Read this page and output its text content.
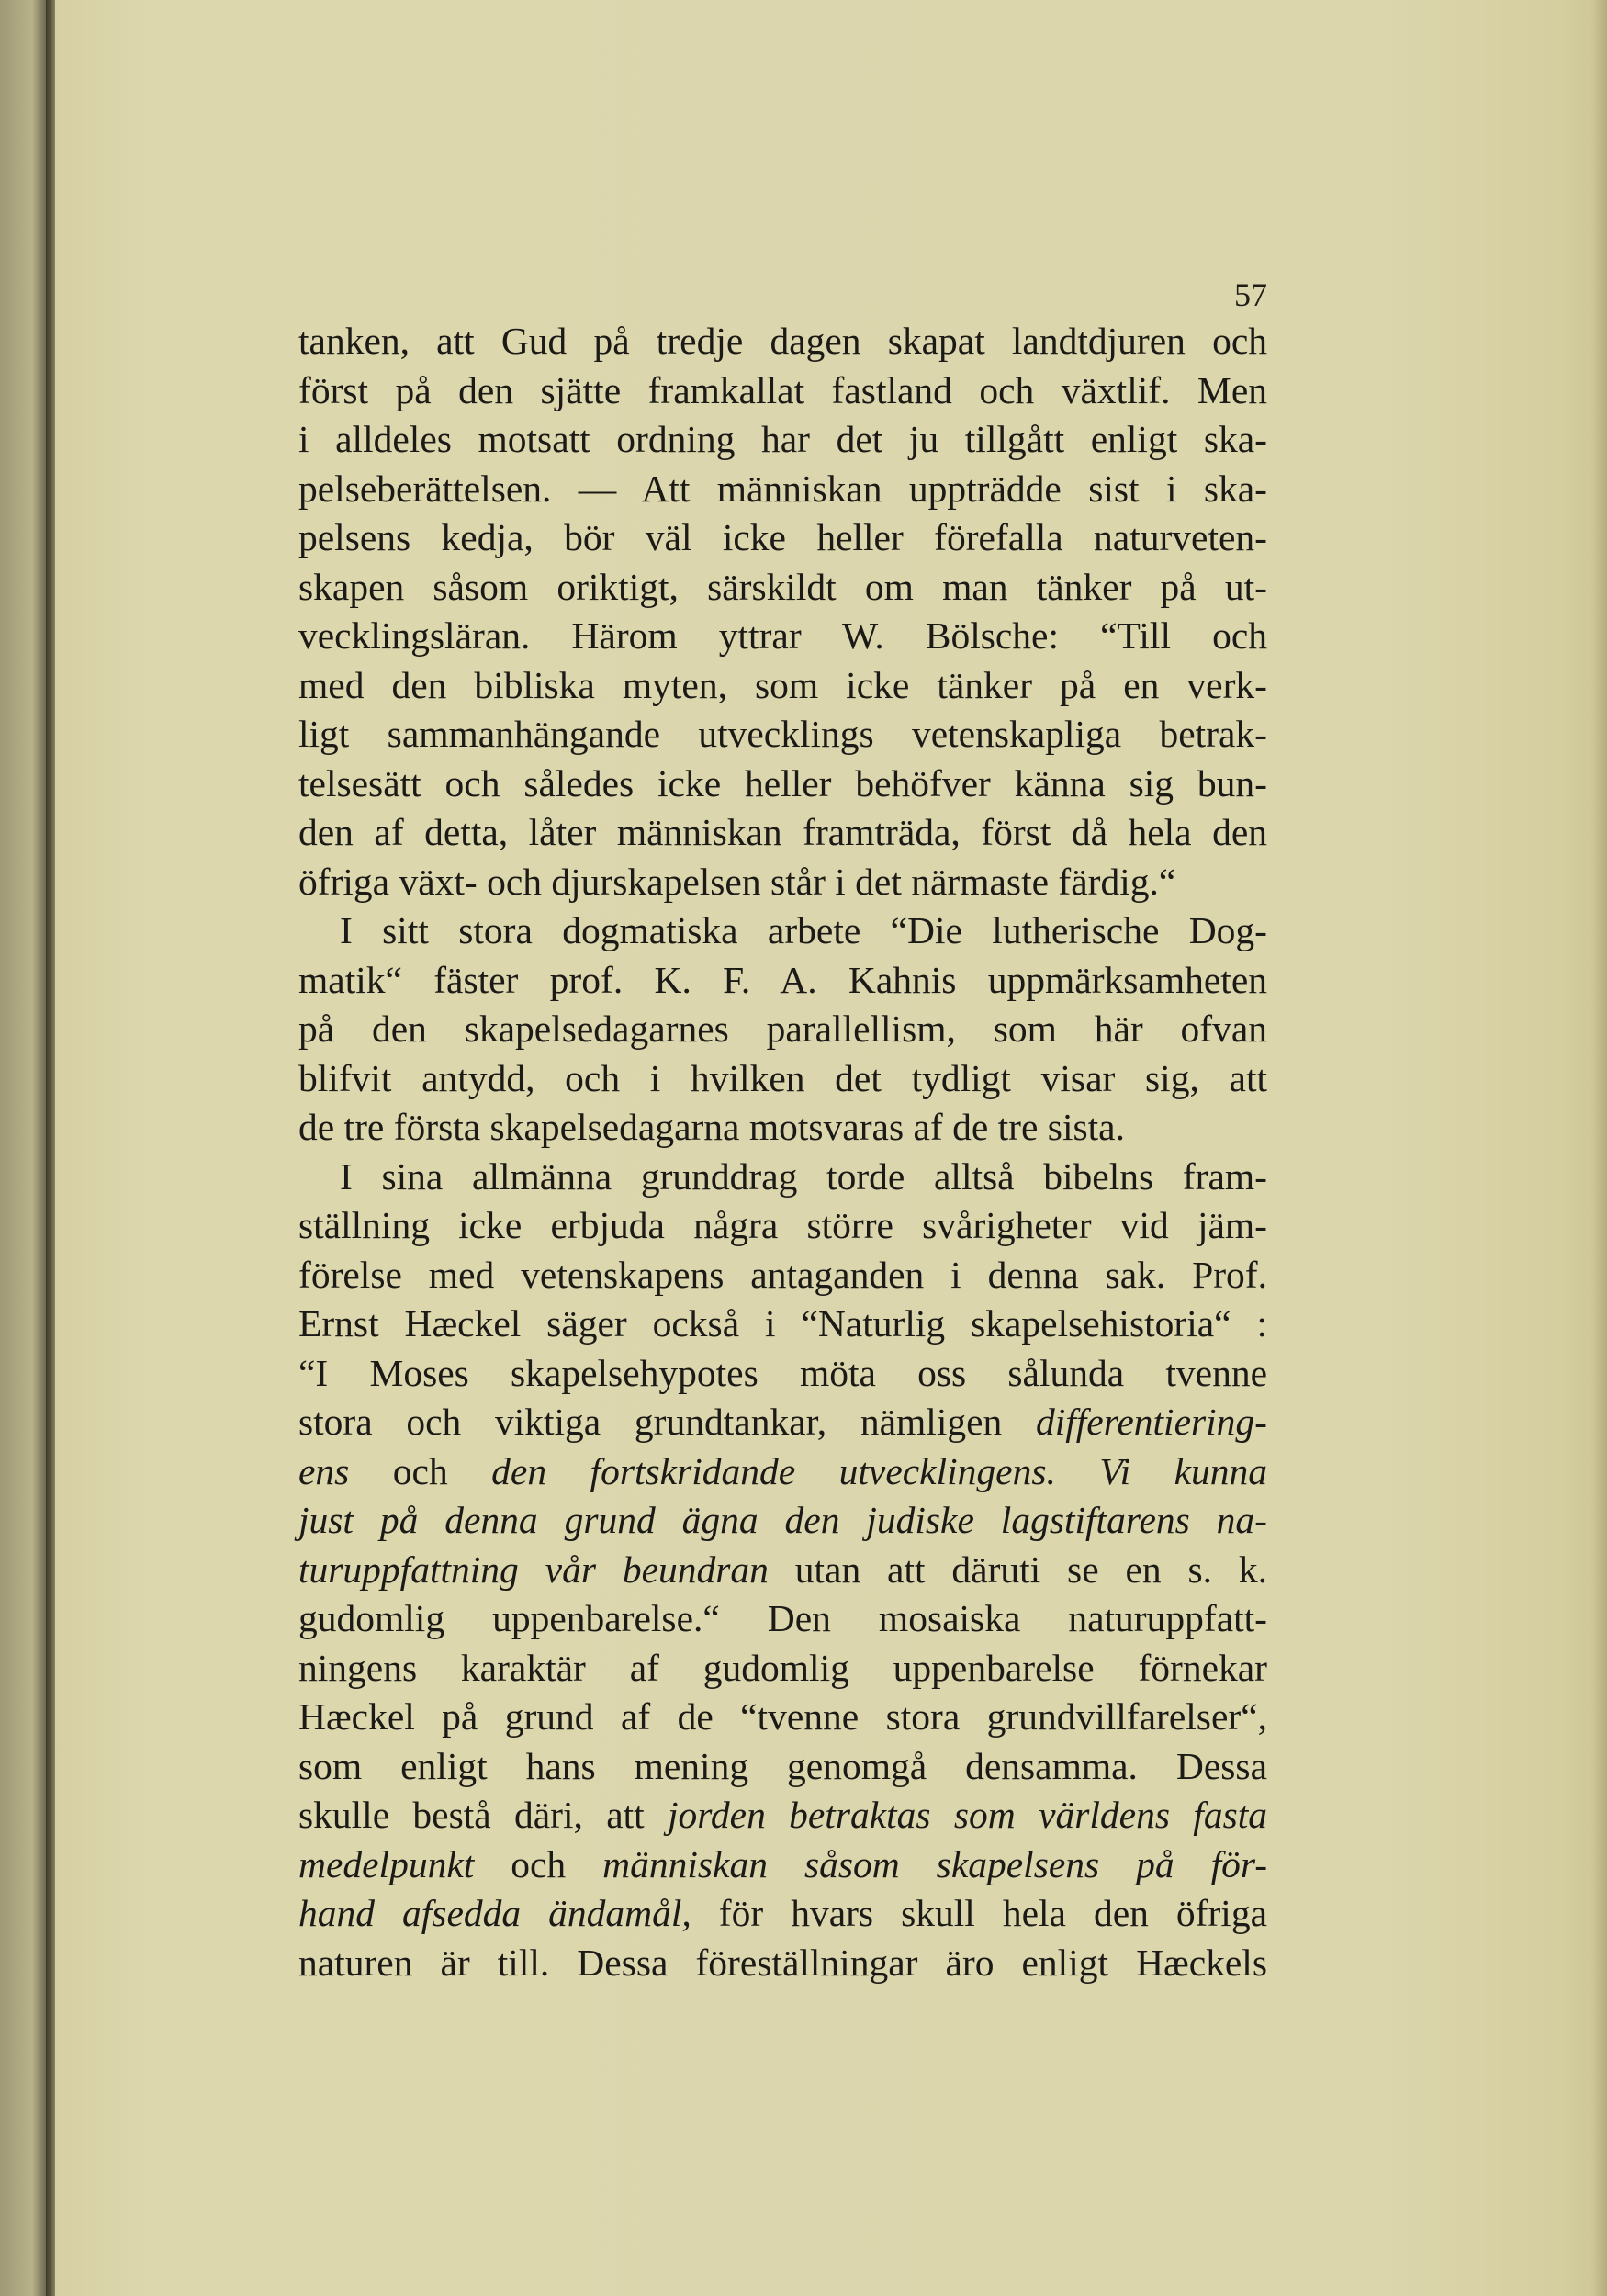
57
tanken, att Gud på tredje dagen skapat landtdjuren och
först på den sjätte framkallat fastland och växtlif. Men
i alldeles motsatt ordning har det ju tillgått enligt ska-
pelseberättelsen. — Att människan uppträdde sist i ska-
pelsens kedja, bör väl icke heller förefalla naturveten-
skapen såsom oriktigt, särskildt om man tänker på ut-
vecklingsläran. Härom yttrar W. Bölsche: “Till och
med den bibliska myten, som icke tänker på en verk-
ligt sammanhängande utvecklings vetenskapliga betrak-
telsesätt och således icke heller behöfver känna sig bun-
den af detta, låter människan framträda, först då hela den
öfriga växt- och djurskapelsen står i det närmaste färdig.“
I sitt stora dogmatiska arbete “Die lutherische Dog-
matik“ fäster prof. K. F. A. Kahnis uppmärksamheten
på den skapelsedagarnes parallellism, som här ofvan
blifvit antydd, och i hvilken det tydligt visar sig, att
de tre första skapelsedagarna motsvaras af de tre sista.
I sina allmänna grunddrag torde alltså bibelns fram-
ställning icke erbjuda några större svårigheter vid jäm-
förelse med vetenskapens antaganden i denna sak. Prof.
Ernst Hæckel säger också i “Naturlig skapelsehistoria“ :
“I Moses skapelsehypotes möta oss sålunda tvenne
stora och viktiga grundtankar, nämligen differentiering-
ens och den fortskridande utvecklingens. Vi kunna
just på denna grund ägna den judiske lagstiftarens na-
turuppfattning vår beundran utan att däruti se en s. k.
gudomlig uppenbarelse.“ Den mosaiska naturuppfatt-
ningens karaktär af gudomlig uppenbarelse förnekar
Hæckel på grund af de “tvenne stora grundvillfarelser“,
som enligt hans mening genomgå densamma. Dessa
skulle bestå däri, att jorden betraktas som världens fasta
medelpunkt och människan såsom skapelsens på för-
hand afsedda ändamål, för hvars skull hela den öfriga
naturen är till. Dessa föreställningar äro enligt Hæckels
